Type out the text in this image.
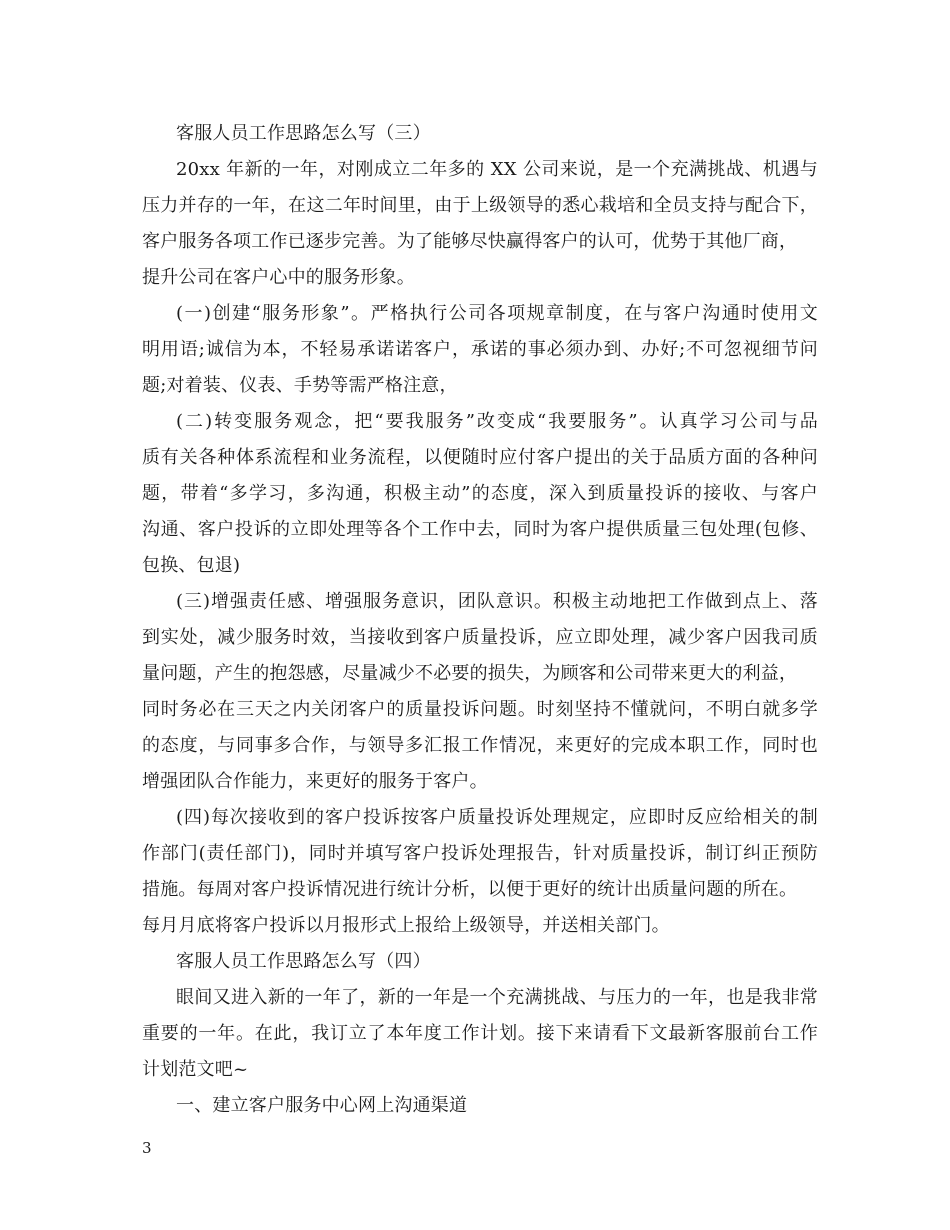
客服人员工作思路怎么写（三）
20xx 年新的一年，对刚成立二年多的 XX 公司来说，是一个充满挑战、机遇与
压力并存的一年，在这二年时间里，由于上级领导的悉心栽培和全员支持与配合下，
客户服务各项工作已逐步完善。为了能够尽快赢得客户的认可，优势于其他厂商，
提升公司在客户心中的服务形象。
(一)创建“服务形象”。严格执行公司各项规章制度，在与客户沟通时使用文
明用语;诚信为本，不轻易承诺诺客户，承诺的事必须办到、办好;不可忽视细节问
题;对着装、仪表、手势等需严格注意，
(二)转变服务观念，把“要我服务”改变成“我要服务”。认真学习公司与品
质有关各种体系流程和业务流程，以便随时应付客户提出的关于品质方面的各种问
题，带着“多学习，多沟通，积极主动”的态度，深入到质量投诉的接收、与客户
沟通、客户投诉的立即处理等各个工作中去，同时为客户提供质量三包处理(包修、
包换、包退)
(三)增强责任感、增强服务意识，团队意识。积极主动地把工作做到点上、落
到实处，减少服务时效，当接收到客户质量投诉，应立即处理，减少客户因我司质
量问题，产生的抱怨感，尽量减少不必要的损失，为顾客和公司带来更大的利益，
同时务必在三天之内关闭客户的质量投诉问题。时刻坚持不懂就问，不明白就多学
的态度，与同事多合作，与领导多汇报工作情况，来更好的完成本职工作，同时也
增强团队合作能力，来更好的服务于客户。
(四)每次接收到的客户投诉按客户质量投诉处理规定，应即时反应给相关的制
作部门(责任部门)，同时并填写客户投诉处理报告，针对质量投诉，制订纠正预防
措施。每周对客户投诉情况进行统计分析，以便于更好的统计出质量问题的所在。
每月月底将客户投诉以月报形式上报给上级领导，并送相关部门。
客服人员工作思路怎么写（四）
眼间又进入新的一年了，新的一年是一个充满挑战、与压力的一年，也是我非常
重要的一年。在此，我订立了本年度工作计划。接下来请看下文最新客服前台工作
计划范文吧~
一、建立客户服务中心网上沟通渠道
3
